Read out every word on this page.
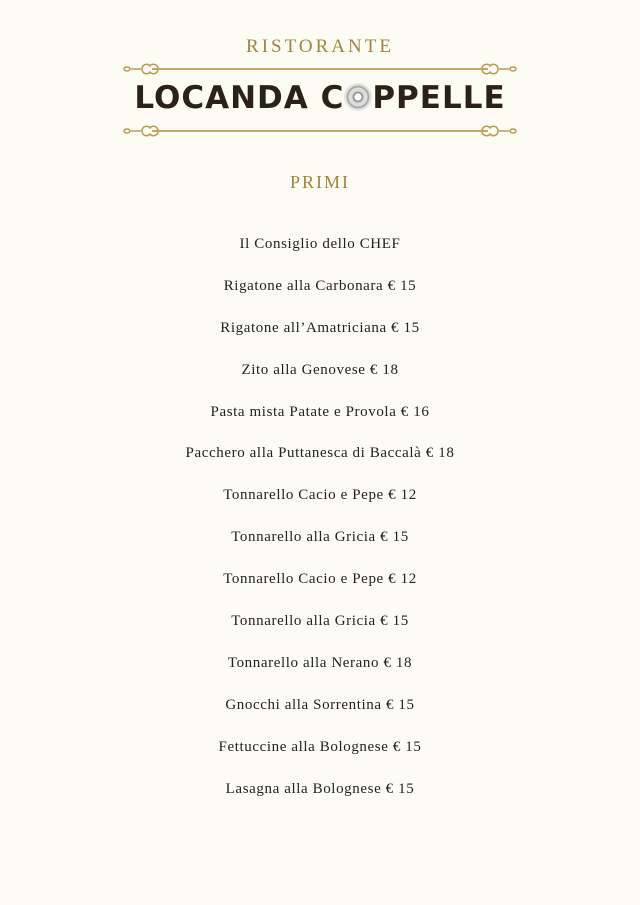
RISTORANTE
LOCANDA C PPELLE
PRIMI
Il Consiglio dello CHEF
Rigatone alla Carbonara € 15
Rigatone all’Amatriciana € 15
Zito alla Genovese € 18
Pasta mista Patate e Provola € 16
Pacchero alla Puttanesca di Baccalà € 18
Tonnarello Cacio e Pepe € 12
Tonnarello alla Gricia € 15
Tonnarello Cacio e Pepe € 12
Tonnarello alla Gricia € 15
Tonnarello alla Nerano € 18
Gnocchi alla Sorrentina € 15
Fettuccine alla Bolognese € 15
Lasagna alla Bolognese € 15
